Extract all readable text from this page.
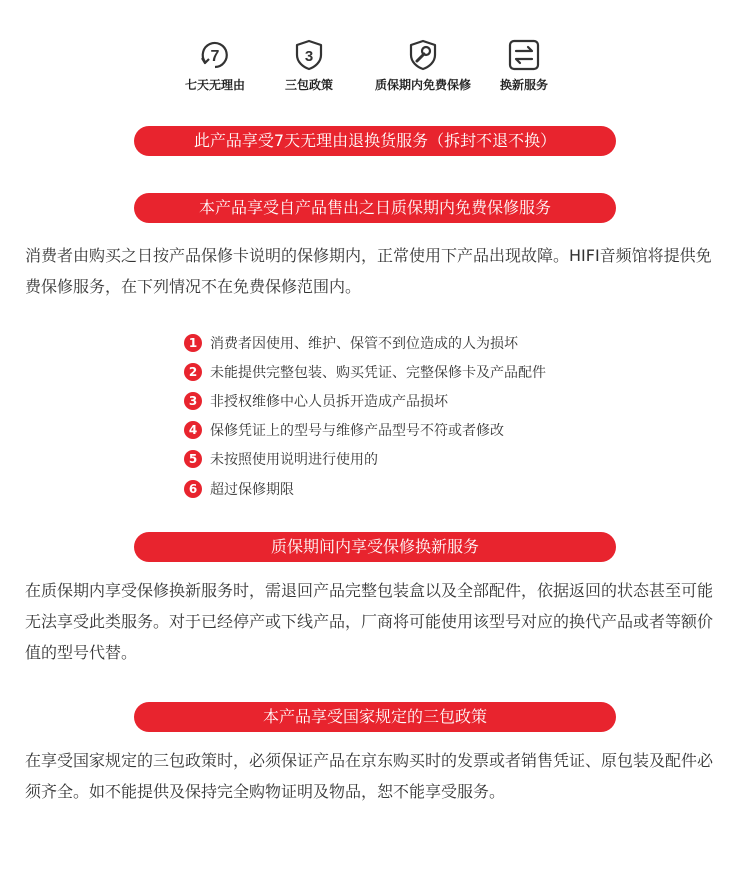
7
七天无理由
3
三包政策	质保期内免费保修	换新服务
此产品享受7天无理由退换货服务（拆封不退不换）
本产品享受自产品售出之日质保期内免费保修服务

消费者由购买之日按产品保修卡说明的保修期内，正常使用下产品出现故障。HIFI音频馆将提供免费保修服务，在下列情况不在免费保修范围内。

1 消费者因使用、维护、保管不到位造成的人为损坏
2 未能提供完整包装、购买凭证、完整保修卡及产品配件
3 非授权维修中心人员拆开造成产品损坏
4 保修凭证上的型号与维修产品型号不符或者修改
5 未按照使用说明进行使用的
6 超过保修期限
质保期间内享受保修换新服务

在质保期内享受保修换新服务时，需退回产品完整包装盒以及全部配件，依据返回的状态甚至可能无法享受此类服务。对于已经停产或下线产品，厂商将可能使用该型号对应的换代产品或者等额价值的型号代替。

本产品享受国家规定的三包政策

在享受国家规定的三包政策时，必须保证产品在京东购买时的发票或者销售凭证、原包装及配件必须齐全。如不能提供及保持完全购物证明及物品，恕不能享受服务。
